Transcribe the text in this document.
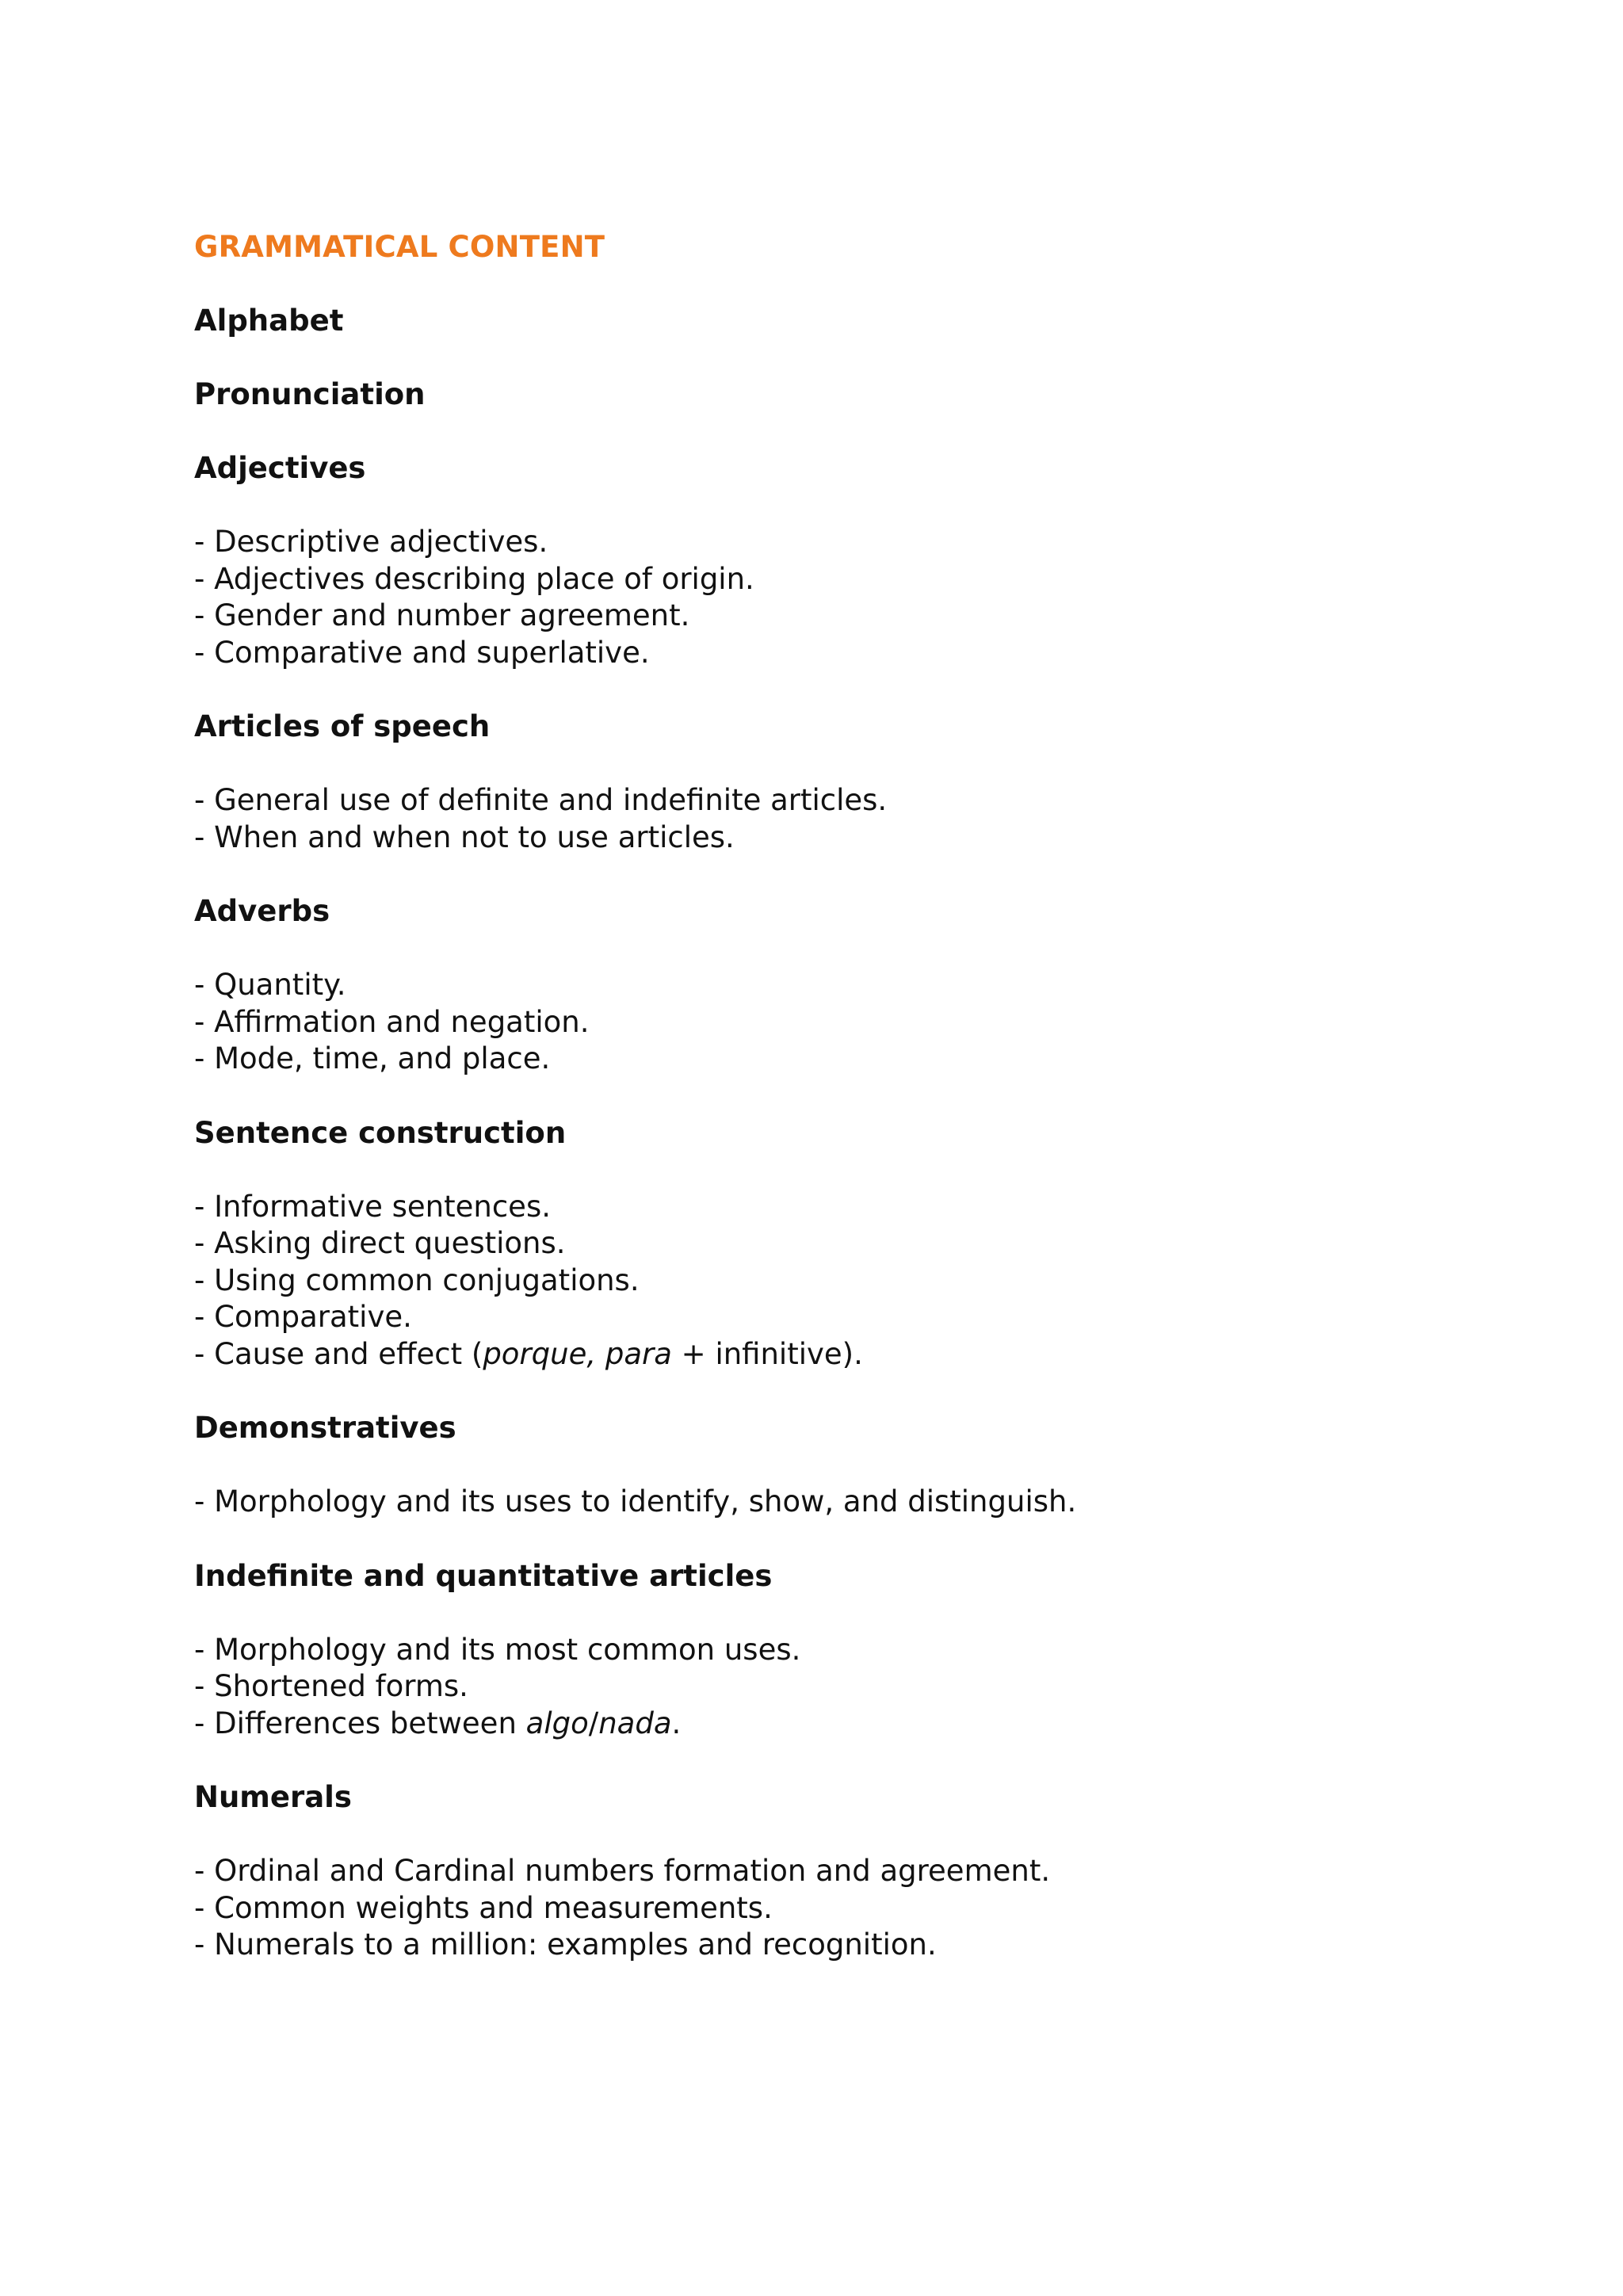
GRAMMATICAL CONTENT
Alphabet
Pronunciation
Adjectives
- Descriptive adjectives.
- Adjectives describing place of origin.
- Gender and number agreement.
- Comparative and superlative.
Articles of speech
- General use of definite and indefinite articles.
- When and when not to use articles.
Adverbs
- Quantity.
- Affirmation and negation.
- Mode, time, and place.
Sentence construction
- Informative sentences.
- Asking direct questions.
- Using common conjugations.
- Comparative.
- Cause and effect (porque, para + infinitive).
Demonstratives
- Morphology and its uses to identify, show, and distinguish.
Indefinite and quantitative articles
- Morphology and its most common uses.
- Shortened forms.
- Differences between algo/nada.
Numerals
- Ordinal and Cardinal numbers formation and agreement.
- Common weights and measurements.
- Numerals to a million: examples and recognition.
